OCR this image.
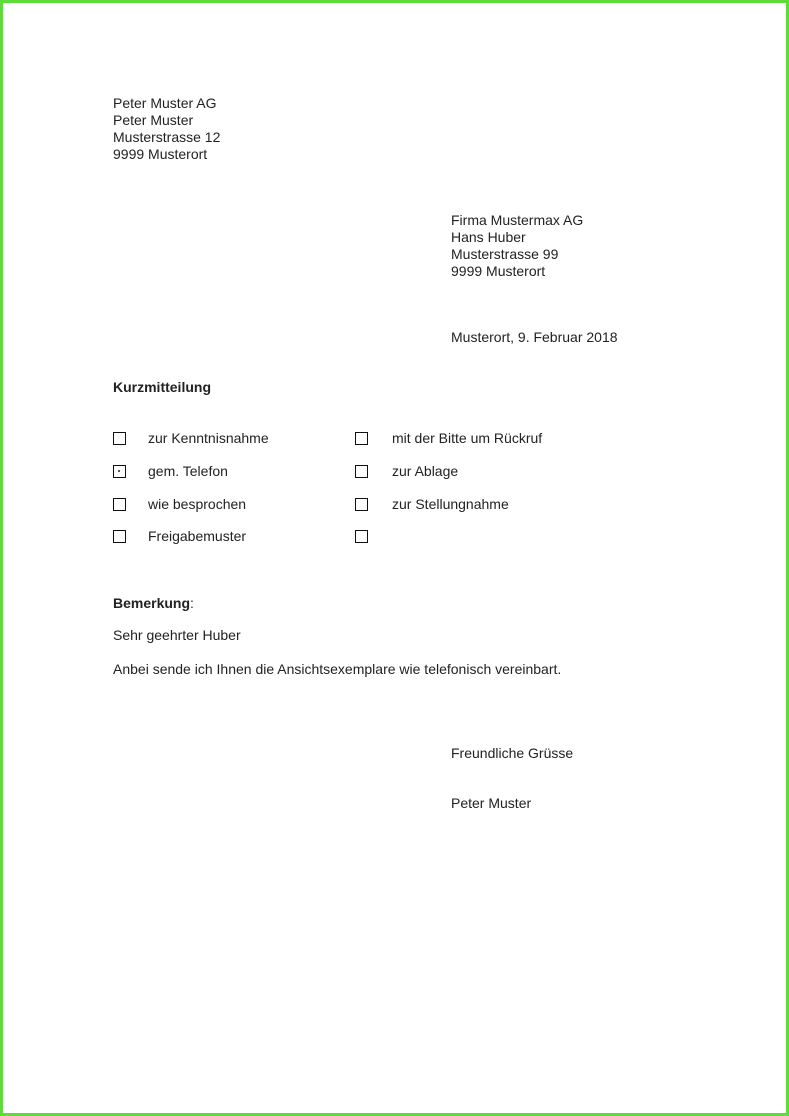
Peter Muster AG
Peter Muster
Musterstrasse 12
9999 Musterort
Firma Mustermax AG
Hans Huber
Musterstrasse 99
9999 Musterort
Musterort, 9. Februar 2018
Kurzmitteilung
zur Kenntnisnahme
gem. Telefon
wie besprochen
Freigabemuster
mit der Bitte um Rückruf
zur Ablage
zur Stellungnahme
Bemerkung:
Sehr geehrter Huber
Anbei sende ich Ihnen die Ansichtsexemplare wie telefonisch vereinbart.
Freundliche Grüsse
Peter Muster
